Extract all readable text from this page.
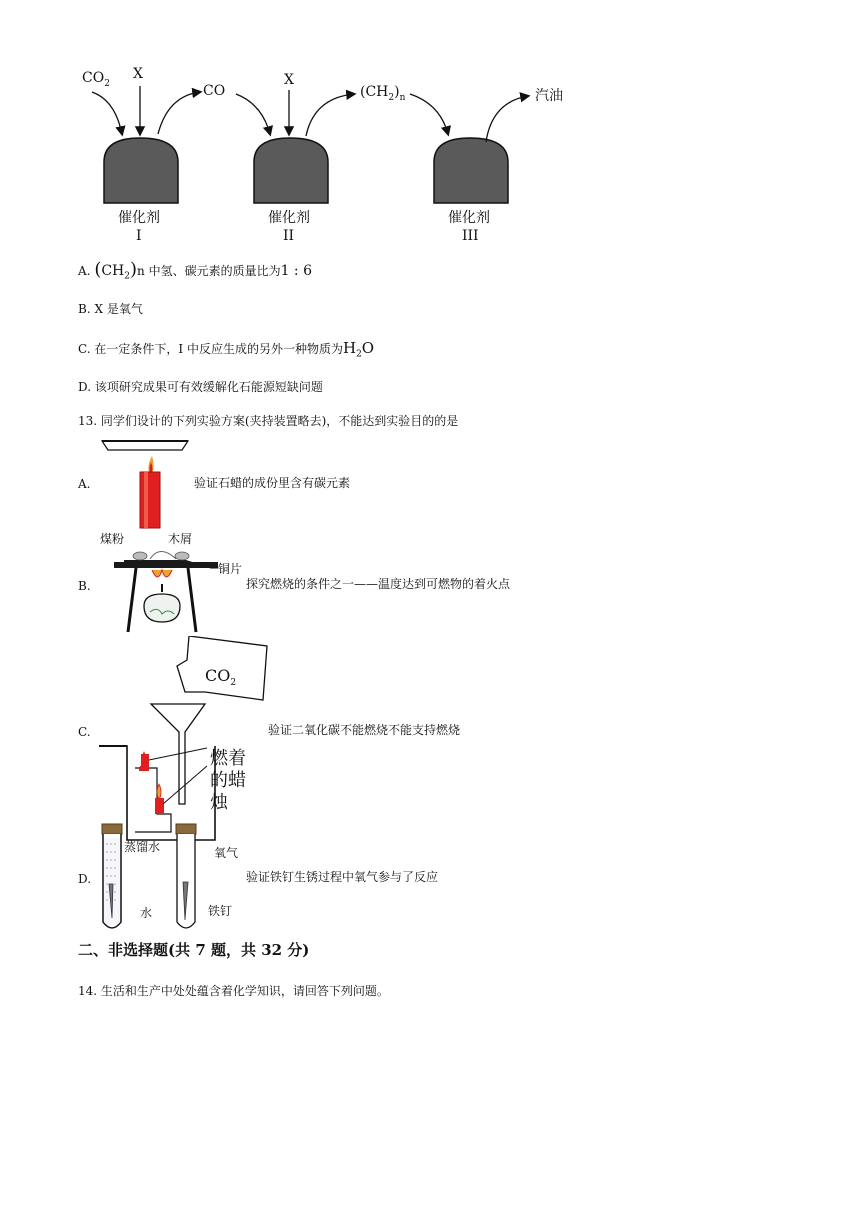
$CO_2$
X
CO
X
$(CH_2)_n$	汽油
催化剂
I
催化剂
II
催化剂
III
A. $(CH_2)n$ 中氢、碳元素的质量比为1 : 6
B. X 是氧气
C. 在一定条件下，I 中反应生成的另外一种物质为$H_2O$
D. 该项研究成果可有效缓解化石能源短缺问题
13. 同学们设计的下列实验方案(夹持装置略去)，不能达到实验目的的是
A.	验证石蜡的成份里含有碳元素
煤粉	木屑
铜片
B.	探究燃烧的条件之一——温度达到可燃物的着火点
$CO_2$
燃着
的蜡
烛
C.	验证二氧化碳不能燃烧不能支持燃烧
蒸馏水
水
氧气
铁钉
D.	验证铁钉生锈过程中氧气参与了反应
二、非选择题(共 7 题，共 32 分)
14. 生活和生产中处处蕴含着化学知识，请回答下列问题。
